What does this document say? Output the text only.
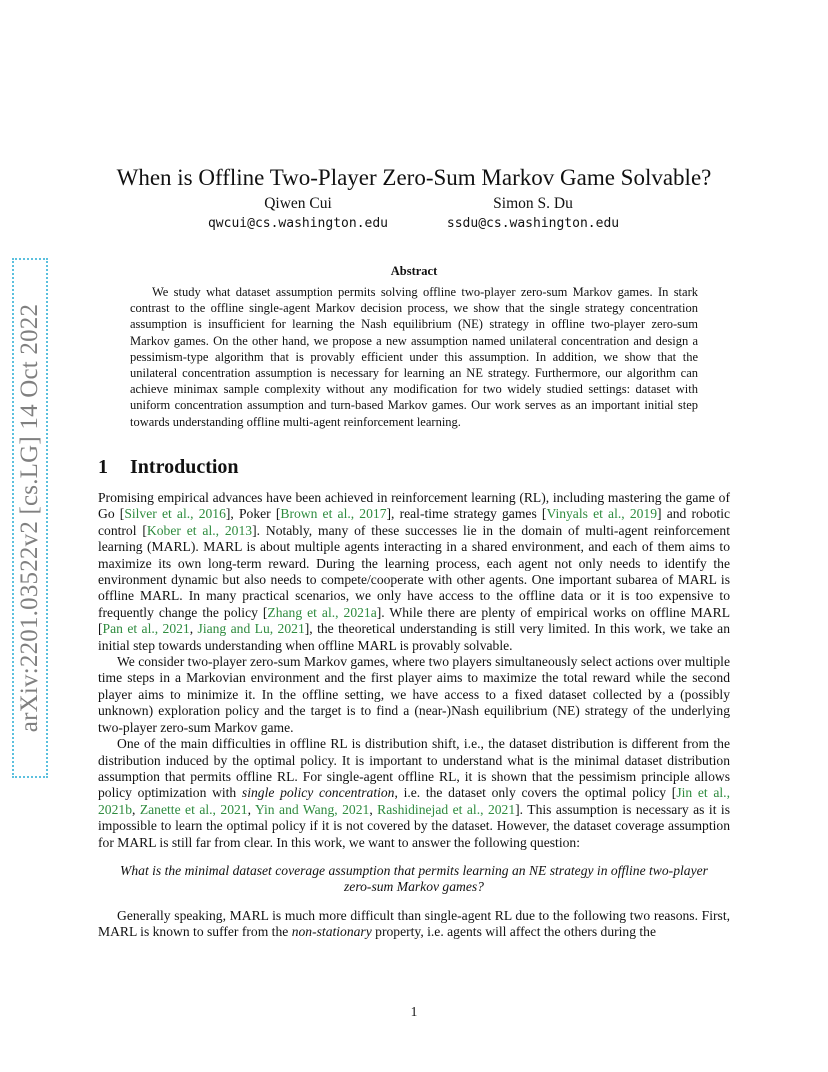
arXiv:2201.03522v2 [cs.LG] 14 Oct 2022
When is Offline Two-Player Zero-Sum Markov Game Solvable?
Qiwen Cui
qwcui@cs.washington.edu
Simon S. Du
ssdu@cs.washington.edu
Abstract

We study what dataset assumption permits solving offline two-player zero-sum Markov games. In stark contrast to the offline single-agent Markov decision process, we show that the single strategy concentration assumption is insufficient for learning the Nash equilibrium (NE) strategy in offline two-player zero-sum Markov games. On the other hand, we propose a new assumption named unilateral concentration and design a pessimism-type algorithm that is provably efficient under this assumption. In addition, we show that the unilateral concentration assumption is necessary for learning an NE strategy. Furthermore, our algorithm can achieve minimax sample complexity without any modification for two widely studied settings: dataset with uniform concentration assumption and turn-based Markov games. Our work serves as an important initial step towards understanding offline multi-agent reinforcement learning.

1 Introduction

Promising empirical advances have been achieved in reinforcement learning (RL), including mastering the game of Go [Silver et al., 2016], Poker [Brown et al., 2017], real-time strategy games [Vinyals et al., 2019] and robotic control [Kober et al., 2013]. Notably, many of these successes lie in the domain of multi-agent reinforcement learning (MARL). MARL is about multiple agents interacting in a shared environment, and each of them aims to maximize its own long-term reward. During the learning process, each agent not only needs to identify the environment dynamic but also needs to compete/cooperate with other agents. One important subarea of MARL is offline MARL. In many practical scenarios, we only have access to the offline data or it is too expensive to frequently change the policy [Zhang et al., 2021a]. While there are plenty of empirical works on offline MARL [Pan et al., 2021, Jiang and Lu, 2021], the theoretical understanding is still very limited. In this work, we take an initial step towards understanding when offline MARL is provably solvable.

We consider two-player zero-sum Markov games, where two players simultaneously select actions over multiple time steps in a Markovian environment and the first player aims to maximize the total reward while the second player aims to minimize it. In the offline setting, we have access to a fixed dataset collected by a (possibly unknown) exploration policy and the target is to find a (near-)Nash equilibrium (NE) strategy of the underlying two-player zero-sum Markov game.

One of the main difficulties in offline RL is distribution shift, i.e., the dataset distribution is different from the distribution induced by the optimal policy. It is important to understand what is the minimal dataset distribution assumption that permits offline RL. For single-agent offline RL, it is shown that the pessimism principle allows policy optimization with single policy concentration, i.e. the dataset only covers the optimal policy [Jin et al., 2021b, Zanette et al., 2021, Yin and Wang, 2021, Rashidinejad et al., 2021]. This assumption is necessary as it is impossible to learn the optimal policy if it is not covered by the dataset. However, the dataset coverage assumption for MARL is still far from clear. In this work, we want to answer the following question:

What is the minimal dataset coverage assumption that permits learning an NE strategy in offline two-player zero-sum Markov games?

Generally speaking, MARL is much more difficult than single-agent RL due to the following two reasons. First, MARL is known to suffer from the non-stationary property, i.e. agents will affect the others during the

1
